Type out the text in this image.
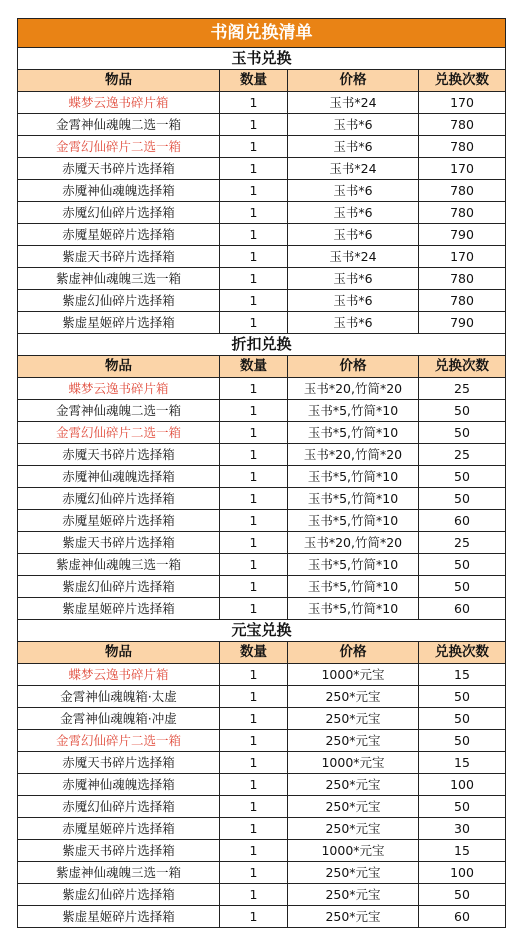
书阁兑换清单			
玉书兑换			
物品	数量	价格	兑换次数
蝶梦云逸书碎片箱	1	玉书*24	170
金霄神仙魂魄二选一箱	1	玉书*6	780
金霄幻仙碎片二选一箱	1	玉书*6	780
赤魇天书碎片选择箱	1	玉书*24	170
赤魇神仙魂魄选择箱	1	玉书*6	780
赤魇幻仙碎片选择箱	1	玉书*6	780
赤魇星姬碎片选择箱	1	玉书*6	790
紫虚天书碎片选择箱	1	玉书*24	170
紫虚神仙魂魄三选一箱	1	玉书*6	780
紫虚幻仙碎片选择箱	1	玉书*6	780
紫虚星姬碎片选择箱	1	玉书*6	790
折扣兑换			
物品	数量	价格	兑换次数
蝶梦云逸书碎片箱	1	玉书*20,竹简*20	25
金霄神仙魂魄二选一箱	1	玉书*5,竹简*10	50
金霄幻仙碎片二选一箱	1	玉书*5,竹简*10	50
赤魇天书碎片选择箱	1	玉书*20,竹简*20	25
赤魇神仙魂魄选择箱	1	玉书*5,竹简*10	50
赤魇幻仙碎片选择箱	1	玉书*5,竹简*10	50
赤魇星姬碎片选择箱	1	玉书*5,竹简*10	60
紫虚天书碎片选择箱	1	玉书*20,竹简*20	25
紫虚神仙魂魄三选一箱	1	玉书*5,竹简*10	50
紫虚幻仙碎片选择箱	1	玉书*5,竹简*10	50
紫虚星姬碎片选择箱	1	玉书*5,竹简*10	60
元宝兑换			
物品	数量	价格	兑换次数
蝶梦云逸书碎片箱	1	1000*元宝	15
金霄神仙魂魄箱·太虚	1	250*元宝	50
金霄神仙魂魄箱·冲虚	1	250*元宝	50
金霄幻仙碎片二选一箱	1	250*元宝	50
赤魇天书碎片选择箱	1	1000*元宝	15
赤魇神仙魂魄选择箱	1	250*元宝	100
赤魇幻仙碎片选择箱	1	250*元宝	50
赤魇星姬碎片选择箱	1	250*元宝	30
紫虚天书碎片选择箱	1	1000*元宝	15
紫虚神仙魂魄三选一箱	1	250*元宝	100
紫虚幻仙碎片选择箱	1	250*元宝	50
紫虚星姬碎片选择箱	1	250*元宝	60
